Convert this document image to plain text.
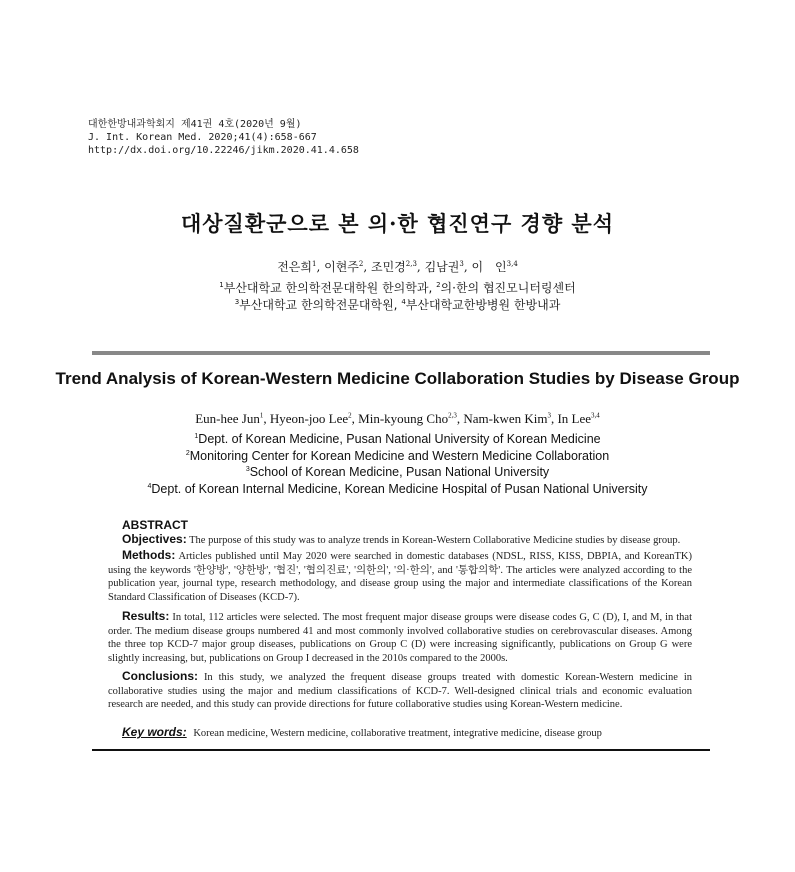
대한한방내과학회지 제41권 4호(2020년 9월)
J. Int. Korean Med. 2020;41(4):658-667
http://dx.doi.org/10.22246/jikm.2020.41.4.658
대상질환군으로 본 의·한 협진연구 경향 분석
전은희$^1$, 이현주$^2$, 조민경$^{2,3}$, 김남권$^3$, 이　인$^{3,4}$
$^1$부산대학교 한의학전문대학원 한의학과, $^2$의·한의 협진모니터링센터
$^3$부산대학교 한의학전문대학원, $^4$부산대학교한방병원 한방내과
Trend Analysis of Korean-Western Medicine Collaboration Studies by Disease Group
Eun-hee Jun$^1$, Hyeon-joo Lee$^2$, Min-kyoung Cho$^{2,3}$, Nam-kwen Kim$^3$, In Lee$^{3,4}$
$^1$Dept. of Korean Medicine, Pusan National University of Korean Medicine
$^2$Monitoring Center for Korean Medicine and Western Medicine Collaboration
$^3$School of Korean Medicine, Pusan National University
$^4$Dept. of Korean Internal Medicine, Korean Medicine Hospital of Pusan National University
ABSTRACT
Objectives: The purpose of this study was to analyze trends in Korean-Western Collaborative Medicine studies by disease group.
Methods: Articles published until May 2020 were searched in domestic databases (NDSL, RISS, KISS, DBPIA, and KoreanTK) using the keywords '한양방', '양한방', '협진', '협의진료', '의한의', '의·한의', and '통합의학'. The articles were analyzed according to the publication year, journal type, research methodology, and disease group using the major and intermediate classifications of the Korean Standard Classification of Diseases (KCD-7).
Results: In total, 112 articles were selected. The most frequent major disease groups were disease codes G, C (D), I, and M, in that order. The medium disease groups numbered 41 and most commonly involved collaborative studies on cerebrovascular diseases. Among the three top KCD-7 major group diseases, publications on Group C (D) were increasing significantly, publications on Group G were slightly increasing, but, publications on Group I decreased in the 2010s compared to the 2000s.
Conclusions: In this study, we analyzed the frequent disease groups treated with domestic Korean-Western medicine in collaborative studies using the major and medium classifications of KCD-7. Well-designed clinical trials and economic evaluation research are needed, and this study can provide directions for future collaborative studies using Korean-Western medicine.
Key words: Korean medicine, Western medicine, collaborative treatment, integrative medicine, disease group
